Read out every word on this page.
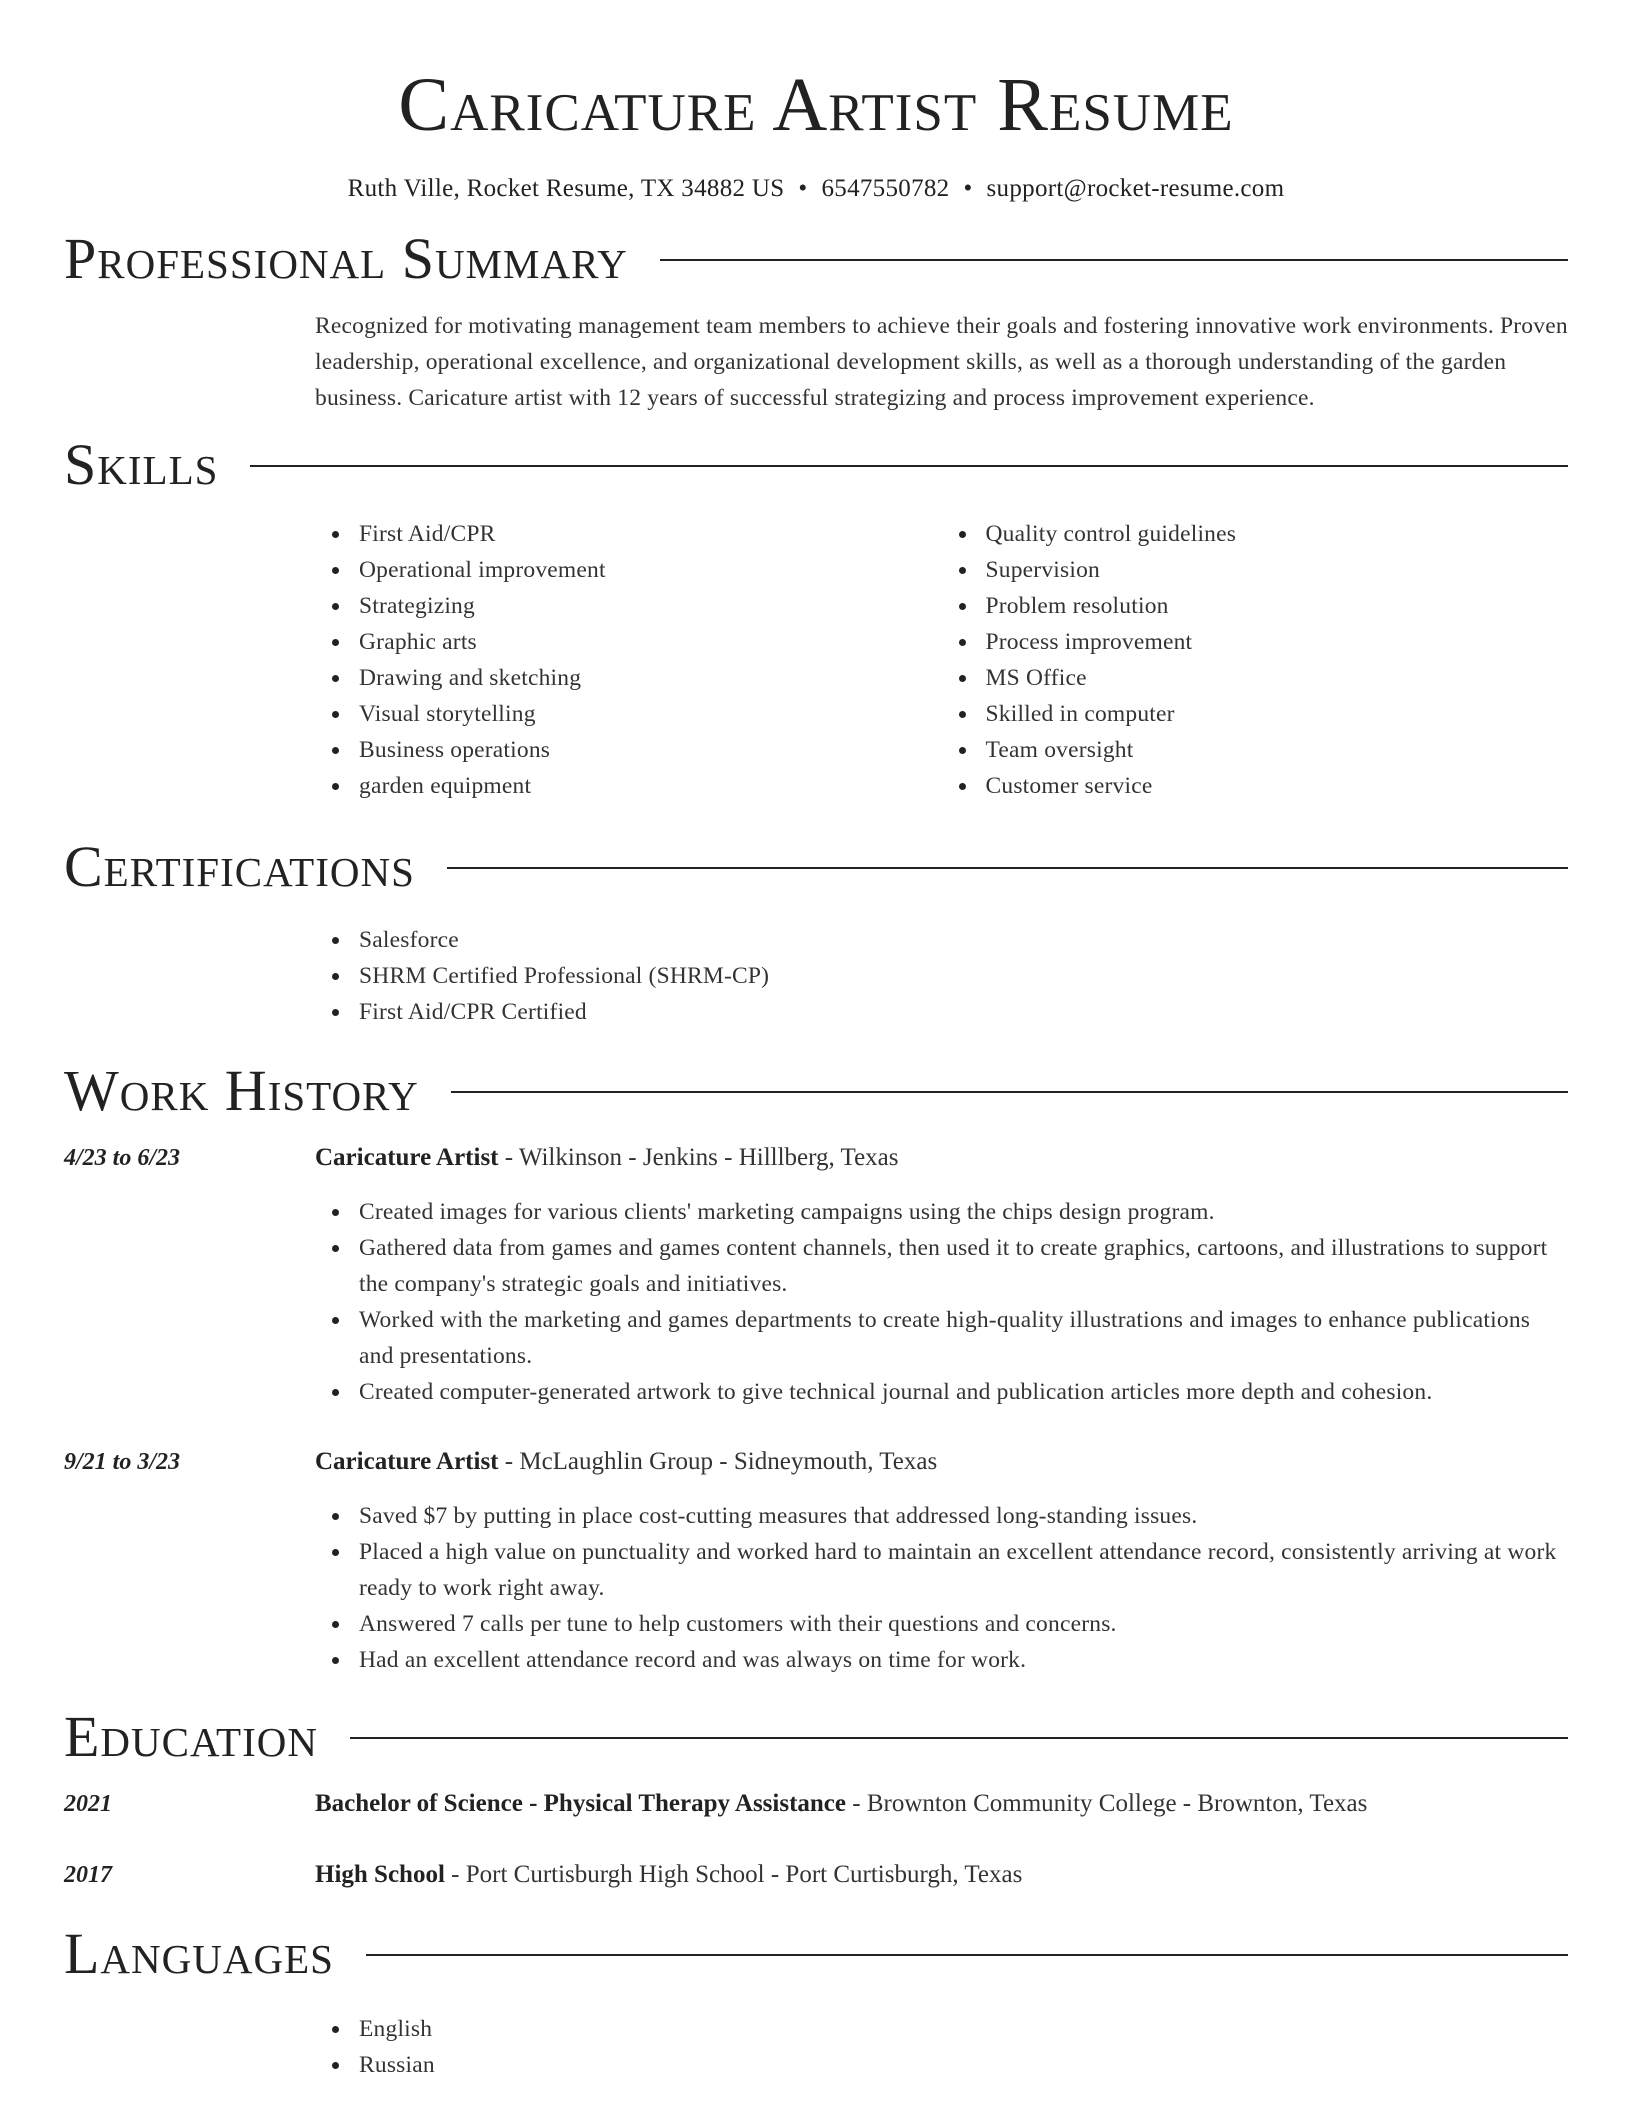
Caricature Artist Resume
Ruth Ville, Rocket Resume, TX 34882 US • 6547550782 • support@rocket-resume.com
Professional Summary
Recognized for motivating management team members to achieve their goals and fostering innovative work environments. Proven leadership, operational excellence, and organizational development skills, as well as a thorough understanding of the garden business. Caricature artist with 12 years of successful strategizing and process improvement experience.
Skills
First Aid/CPR
Operational improvement
Strategizing
Graphic arts
Drawing and sketching
Visual storytelling
Business operations
garden equipment
Quality control guidelines
Supervision
Problem resolution
Process improvement
MS Office
Skilled in computer
Team oversight
Customer service
Certifications
Salesforce
SHRM Certified Professional (SHRM-CP)
First Aid/CPR Certified
Work History
4/23 to 6/23	Caricature Artist - Wilkinson - Jenkins - Hilllberg, Texas
Created images for various clients' marketing campaigns using the chips design program.
Gathered data from games and games content channels, then used it to create graphics, cartoons, and illustrations to support the company's strategic goals and initiatives.
Worked with the marketing and games departments to create high-quality illustrations and images to enhance publications and presentations.
Created computer-generated artwork to give technical journal and publication articles more depth and cohesion.
9/21 to 3/23	Caricature Artist - McLaughlin Group - Sidneymouth, Texas
Saved $7 by putting in place cost-cutting measures that addressed long-standing issues.
Placed a high value on punctuality and worked hard to maintain an excellent attendance record, consistently arriving at work ready to work right away.
Answered 7 calls per tune to help customers with their questions and concerns.
Had an excellent attendance record and was always on time for work.
Education
2021	Bachelor of Science - Physical Therapy Assistance - Brownton Community College - Brownton, Texas
2017	High School - Port Curtisburgh High School - Port Curtisburgh, Texas
Languages
English
Russian
